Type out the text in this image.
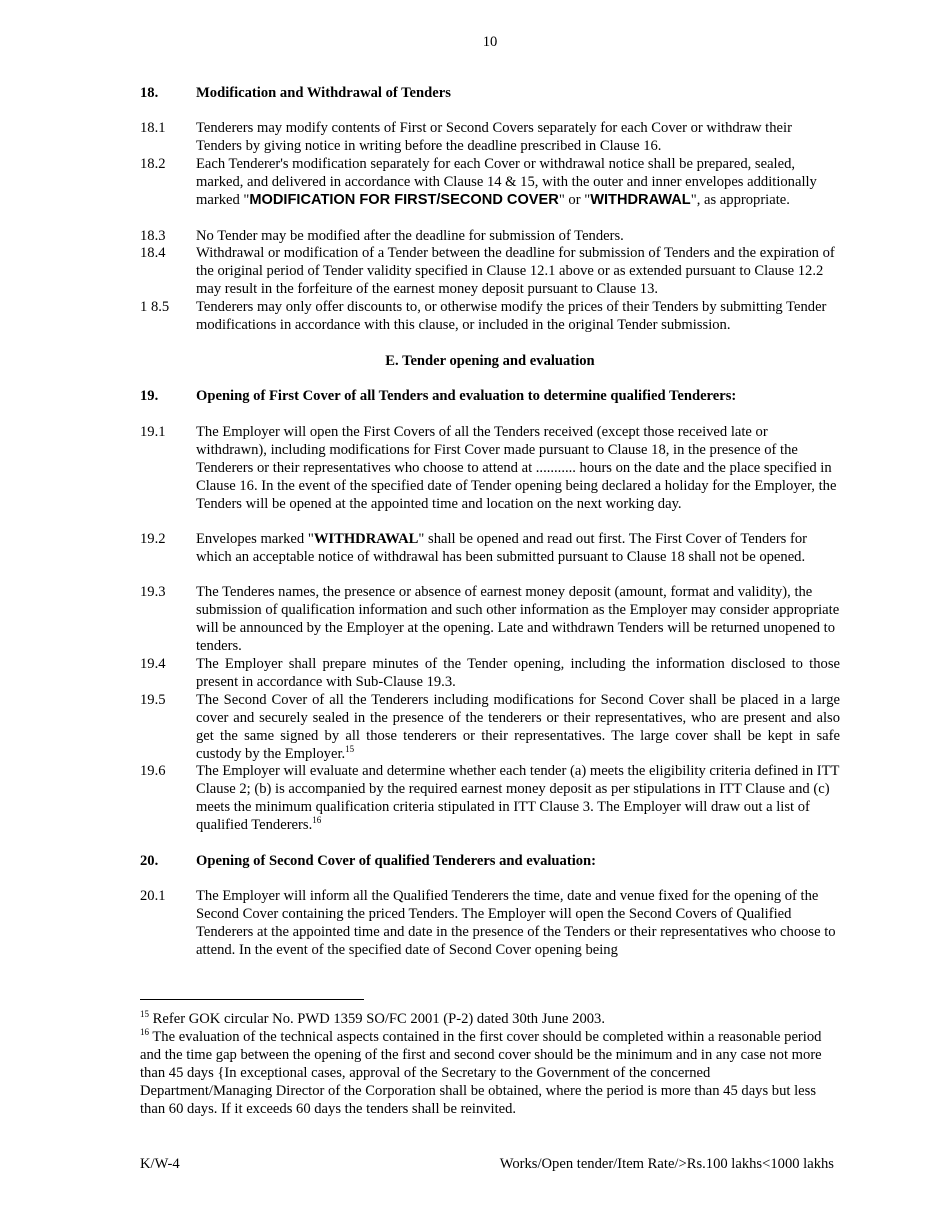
10
18.	Modification and Withdrawal of Tenders
18.1 Tenderers may modify contents of First or Second Covers separately for each Cover or withdraw their Tenders by giving notice in writing before the deadline prescribed in Clause 16.
18.2 Each Tenderer's modification separately for each Cover or withdrawal notice shall be prepared, sealed, marked, and delivered in accordance with Clause 14 & 15, with the outer and inner envelopes additionally marked "MODIFICATION FOR FIRST/SECOND COVER" or "WITHDRAWAL", as appropriate.
18.3 No Tender may be modified after the deadline for submission of Tenders.
18.4 Withdrawal or modification of a Tender between the deadline for submission of Tenders and the expiration of the original period of Tender validity specified in Clause 12.1 above or as extended pursuant to Clause 12.2 may result in the forfeiture of the earnest money deposit pursuant to Clause 13.
1 8.5 Tenderers may only offer discounts to, or otherwise modify the prices of their Tenders by submitting Tender modifications in accordance with this clause, or included in the original Tender submission.
E. Tender opening and evaluation
19.	Opening of First Cover of all Tenders and evaluation to determine qualified Tenderers:
19.1 The Employer will open the First Covers of all the Tenders received (except those received late or withdrawn), including modifications for First Cover made pursuant to Clause 18, in the presence of the Tenderers or their representatives who choose to attend at ........... hours on the date and the place specified in Clause 16. In the event of the specified date of Tender opening being declared a holiday for the Employer, the Tenders will be opened at the appointed time and location on the next working day.
19.2 Envelopes marked "WITHDRAWAL" shall be opened and read out first. The First Cover of Tenders for which an acceptable notice of withdrawal has been submitted pursuant to Clause 18 shall not be opened.
19.3 The Tenderes names, the presence or absence of earnest money deposit (amount, format and validity), the submission of qualification information and such other information as the Employer may consider appropriate will be announced by the Employer at the opening. Late and withdrawn Tenders will be returned unopened to tenders.
19.4 The Employer shall prepare minutes of the Tender opening, including the information disclosed to those present in accordance with Sub-Clause 19.3.
19.5 The Second Cover of all the Tenderers including modifications for Second Cover shall be placed in a large cover and securely sealed in the presence of the tenderers or their representatives, who are present and also get the same signed by all those tenderers or their representatives. The large cover shall be kept in safe custody by the Employer.$^{15}$
19.6 The Employer will evaluate and determine whether each tender (a) meets the eligibility criteria defined in ITT Clause 2; (b) is accompanied by the required earnest money deposit as per stipulations in ITT Clause and (c) meets the minimum qualification criteria stipulated in ITT Clause 3. The Employer will draw out a list of qualified Tenderers.$^{16}$
20.	Opening of Second Cover of qualified Tenderers and evaluation:
20.1 The Employer will inform all the Qualified Tenderers the time, date and venue fixed for the opening of the Second Cover containing the priced Tenders. The Employer will open the Second Covers of Qualified Tenderers at the appointed time and date in the presence of the Tenders or their representatives who choose to attend. In the event of the specified date of Second Cover opening being
$^{15}$ Refer GOK circular No. PWD 1359 SO/FC 2001 (P-2) dated 30th June 2003.
$^{16}$ The evaluation of the technical aspects contained in the first cover should be completed within a reasonable period and the time gap between the opening of the first and second cover should be the minimum and in any case not more than 45 days {In exceptional cases, approval of the Secretary to the Government of the concerned Department/Managing Director of the Corporation shall be obtained, where the period is more than 45 days but less than 60 days. If it exceeds 60 days the tenders shall be reinvited.
K/W-4	Works/Open tender/Item Rate/>Rs.100 lakhs<1000 lakhs
